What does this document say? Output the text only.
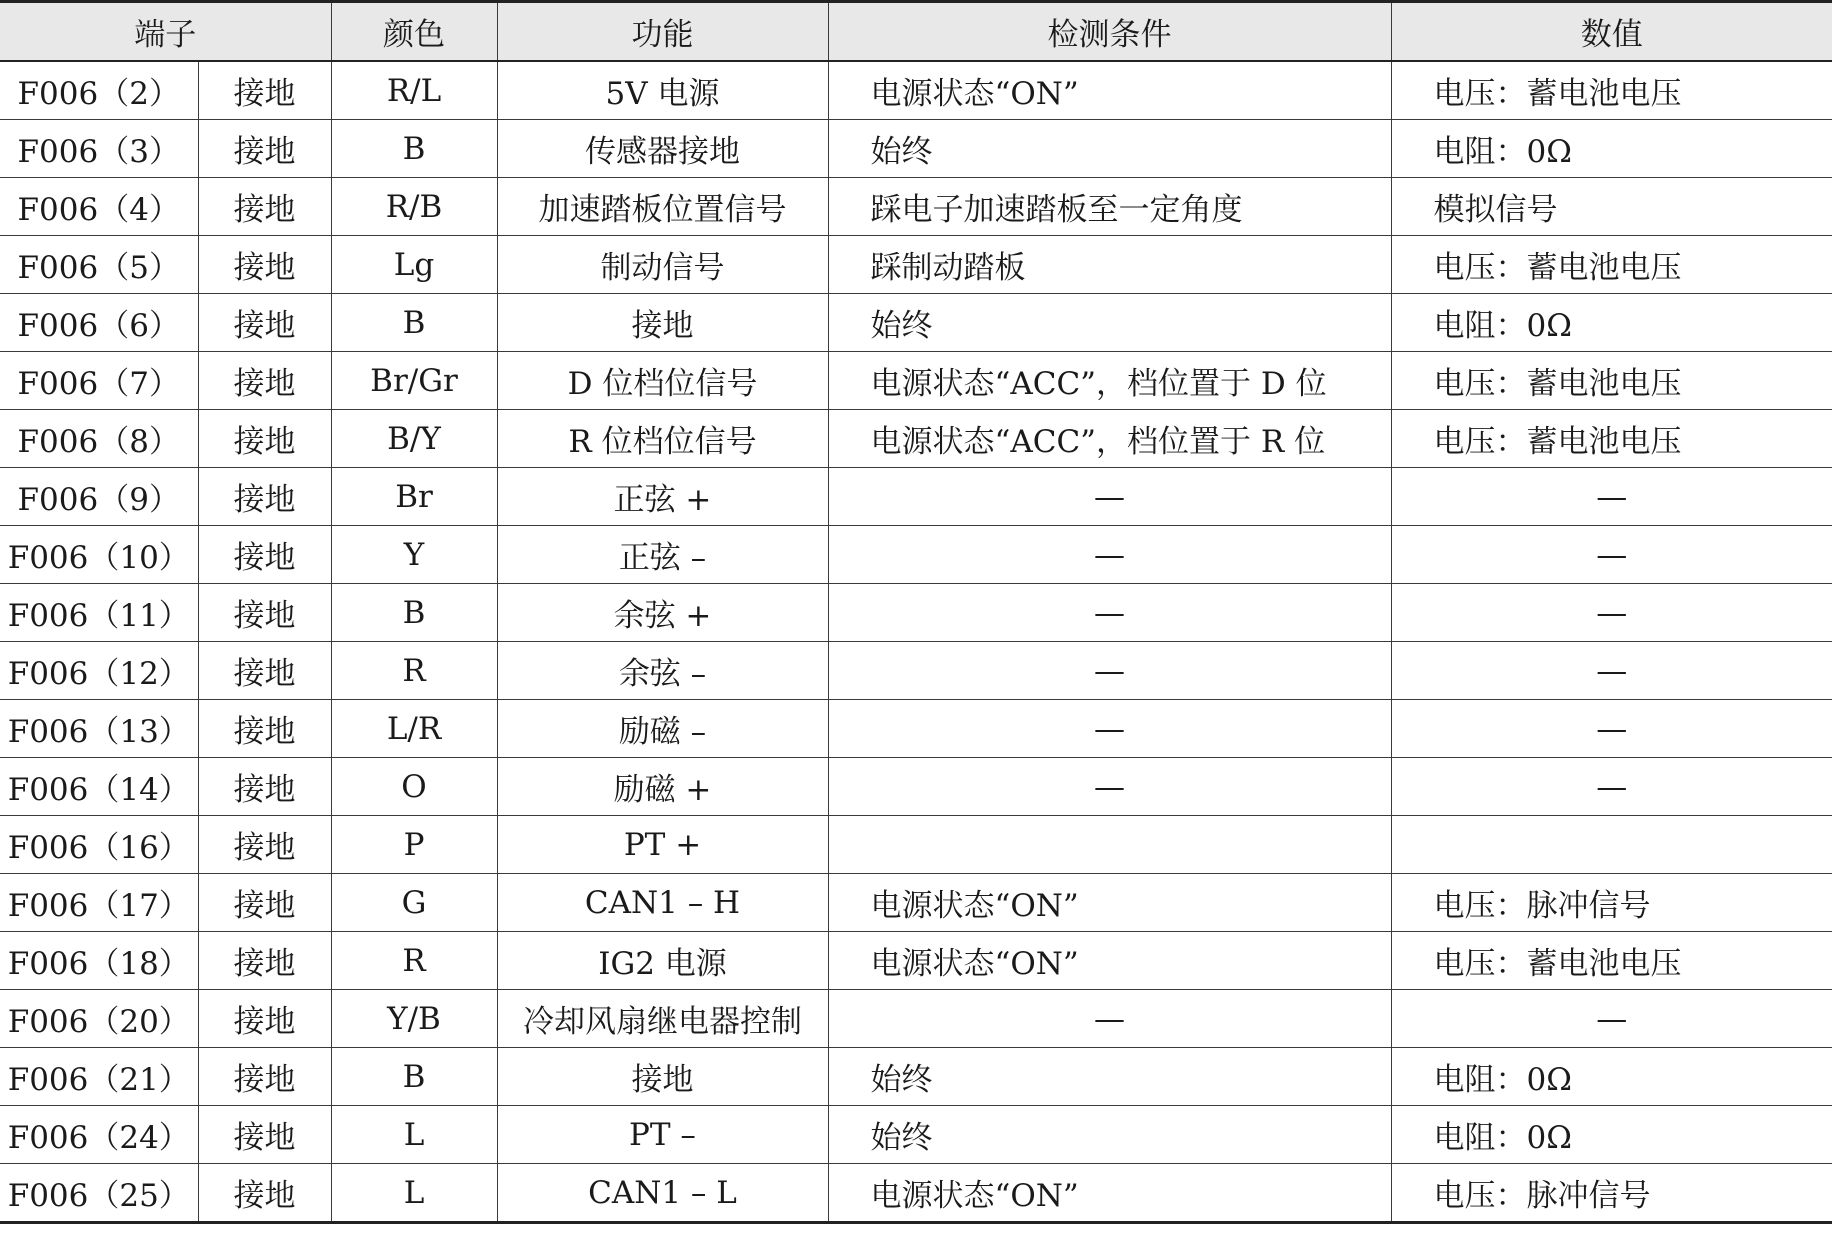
端子		颜色	功能	检测条件	数值
F006（2）	接地	R/L	5V 电源	电源状态“ON”	电压：蓄电池电压
F006（3）	接地	B	传感器接地	始终	电阻：0Ω
F006（4）	接地	R/B	加速踏板位置信号	踩电子加速踏板至一定角度	模拟信号
F006（5）	接地	Lg	制动信号	踩制动踏板	电压：蓄电池电压
F006（6）	接地	B	接地	始终	电阻：0Ω
F006（7）	接地	Br/Gr	D 位档位信号	电源状态“ACC”，档位置于 D 位	电压：蓄电池电压
F006（8）	接地	B/Y	R 位档位信号	电源状态“ACC”，档位置于 R 位	电压：蓄电池电压
F006（9）	接地	Br	正弦 +	—	—
F006（10）	接地	Y	正弦 –	—	—
F006（11）	接地	B	余弦 +	—	—
F006（12）	接地	R	余弦 –	—	—
F006（13）	接地	L/R	励磁 –	—	—
F006（14）	接地	O	励磁 +	—	—
F006（16）	接地	P	PT +		
F006（17）	接地	G	CAN1 – H	电源状态“ON”	电压：脉冲信号
F006（18）	接地	R	IG2 电源	电源状态“ON”	电压：蓄电池电压
F006（20）	接地	Y/B	冷却风扇继电器控制	—	—
F006（21）	接地	B	接地	始终	电阻：0Ω
F006（24）	接地	L	PT –	始终	电阻：0Ω
F006（25）	接地	L	CAN1 – L	电源状态“ON”	电压：脉冲信号
